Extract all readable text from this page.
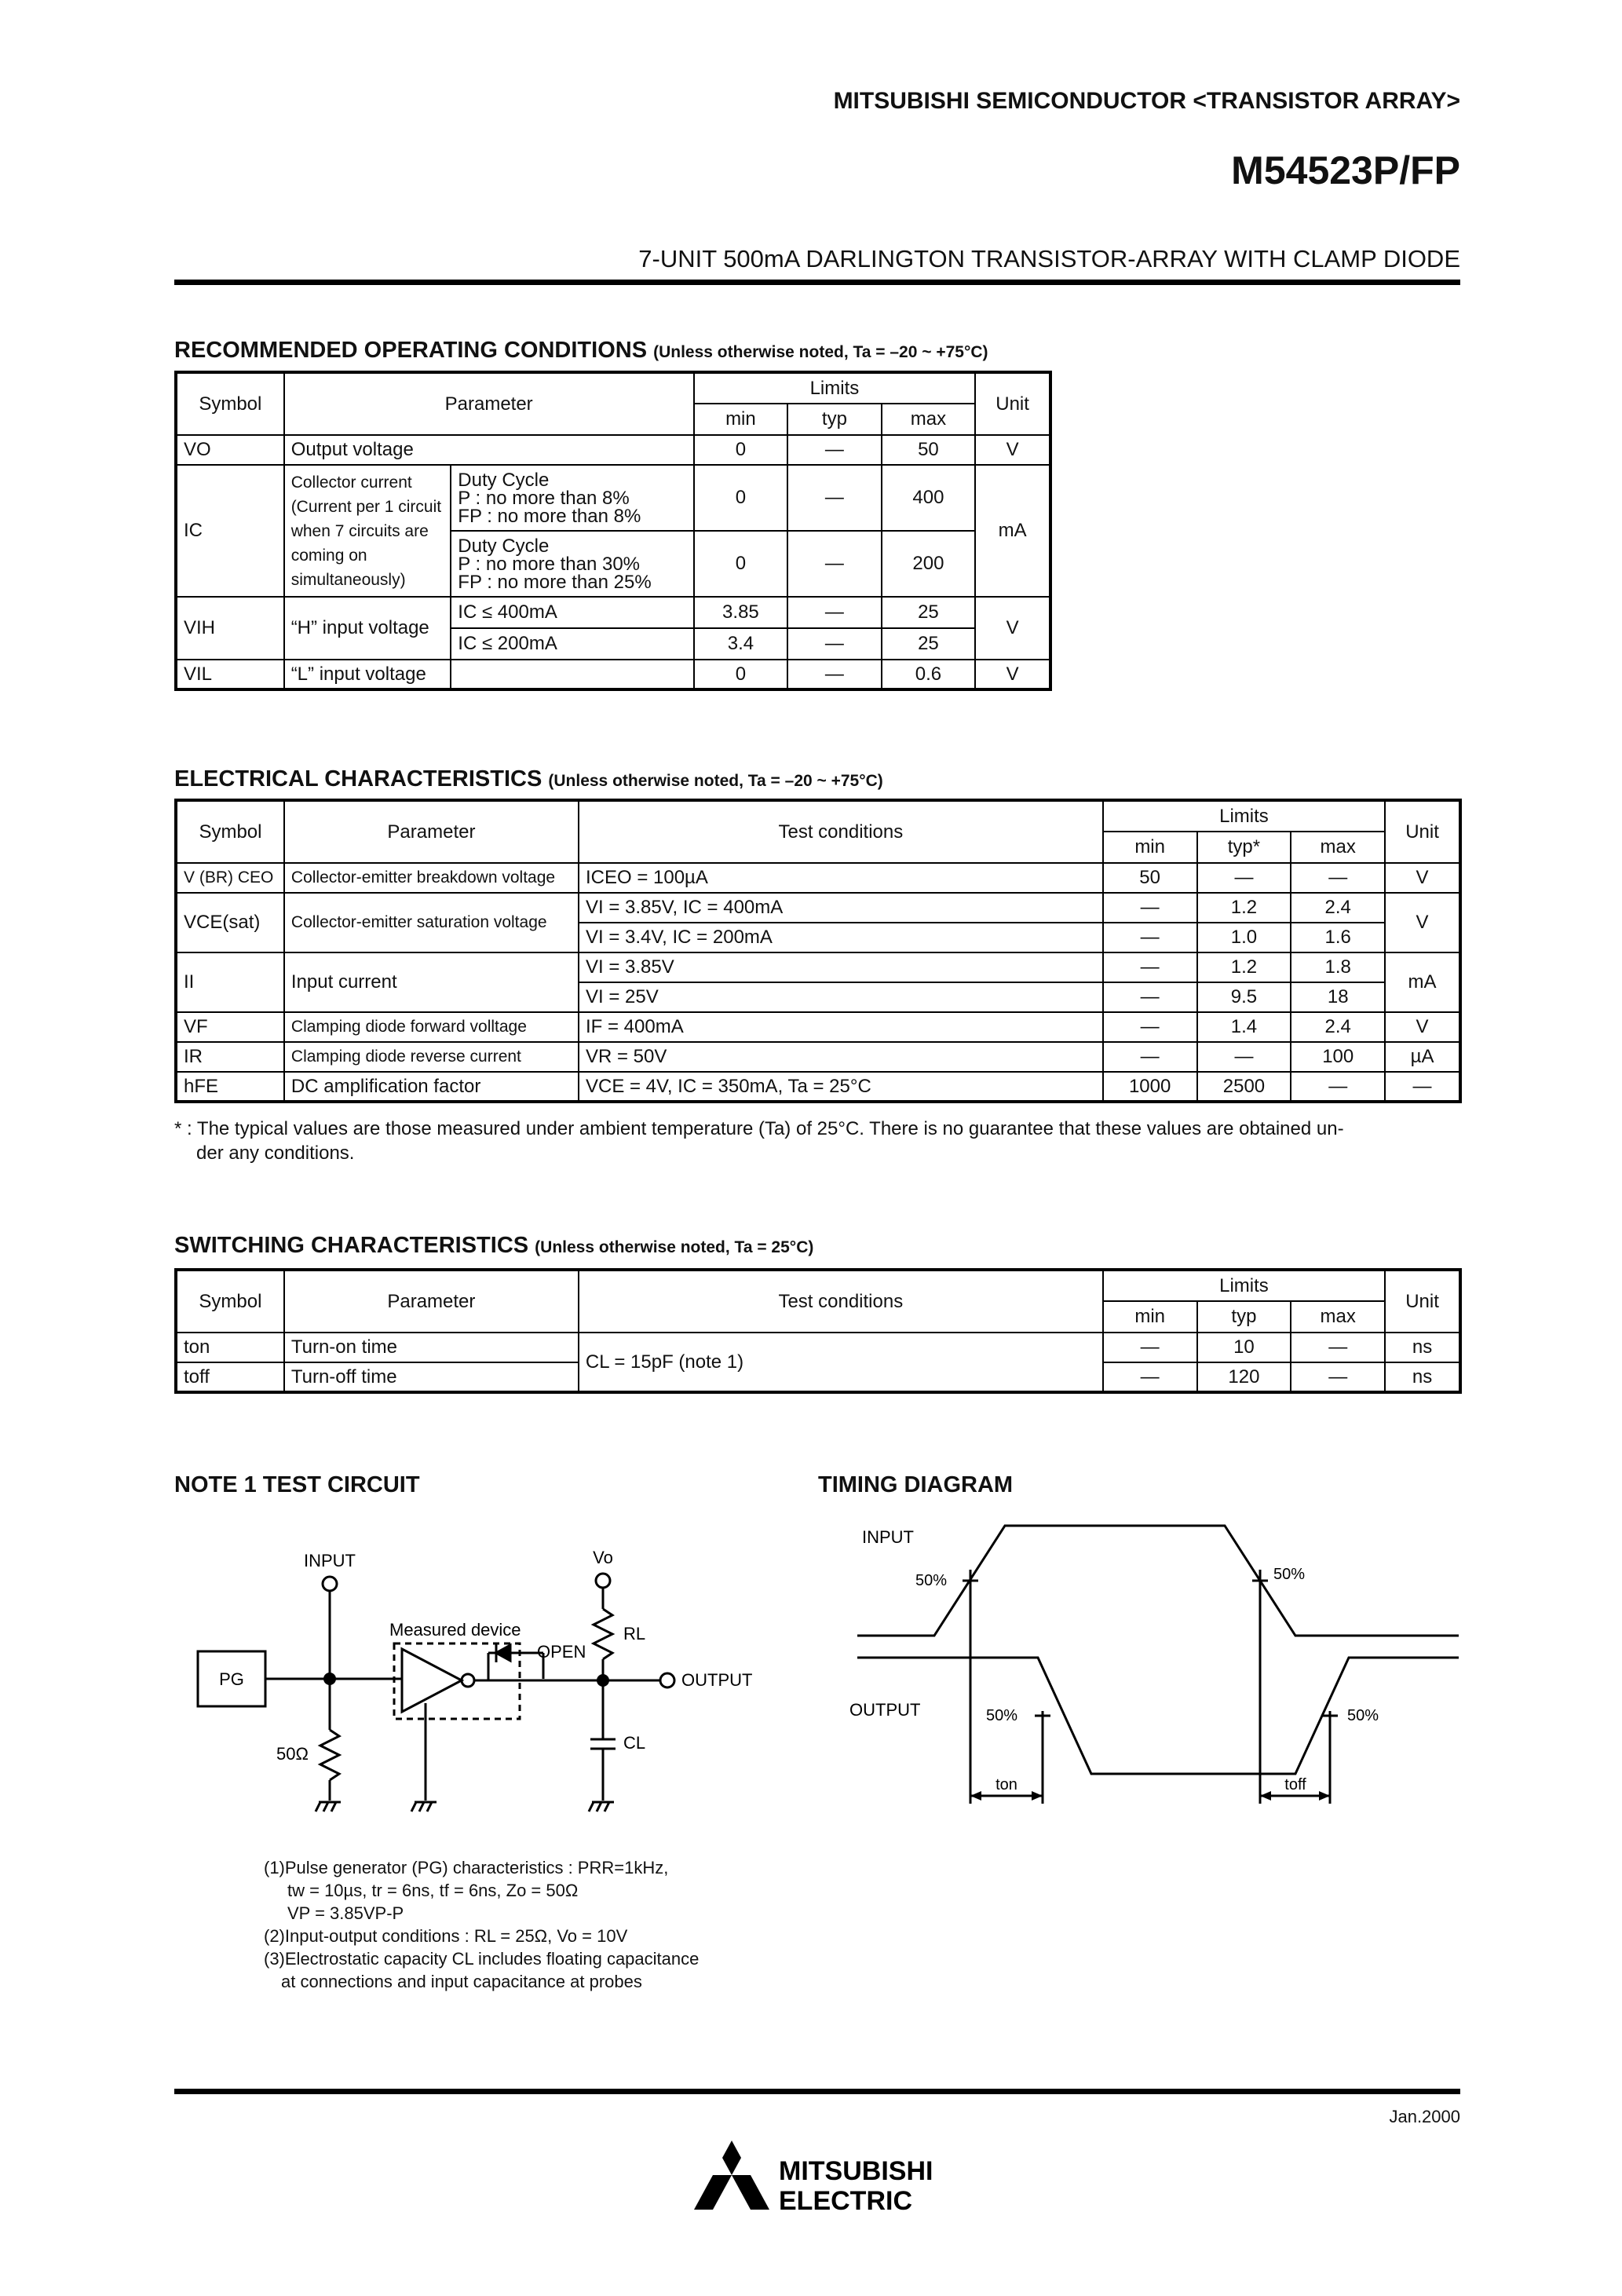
MITSUBISHI SEMICONDUCTOR <TRANSISTOR ARRAY>
M54523P/FP
7-UNIT 500mA DARLINGTON TRANSISTOR-ARRAY WITH CLAMP DIODE
RECOMMENDED OPERATING CONDITIONS (Unless otherwise noted, Ta = –20 ~ +75°C)
Symbol	Parameter		Limits			Unit
			min	typ	max	
VO	Output voltage		0	—	50	V
IC	Collector current (Current per 1 circuit when 7 circuits are coming on simultaneously)	Duty Cycle
P : no more than 8%
FP : no more than 8%	0	—	400	mA
		Duty Cycle
P : no more than 30%
FP : no more than 25%	0	—	200	
VIH	“H” input voltage	IC ≤ 400mA	3.85	—	25	V
		IC ≤ 200mA	3.4	—	25	
VIL	“L” input voltage		0	—	0.6	V
ELECTRICAL CHARACTERISTICS (Unless otherwise noted, Ta = –20 ~ +75°C)
Symbol	Parameter	Test conditions	Limits			Unit
			min	typ*	max	
V (BR) CEO	Collector-emitter breakdown voltage	ICEO = 100µA	50	—	—	V
VCE(sat)	Collector-emitter saturation voltage	VI = 3.85V, IC = 400mA	—	1.2	2.4	V
		VI = 3.4V, IC = 200mA	—	1.0	1.6	
II	Input current	VI = 3.85V	—	1.2	1.8	mA
		VI = 25V	—	9.5	18	
VF	Clamping diode forward volltage	IF = 400mA	—	1.4	2.4	V
IR	Clamping diode reverse current	VR = 50V	—	—	100	µA
hFE	DC amplification factor	VCE = 4V, IC = 350mA, Ta = 25°C	1000	2500	—	—
* : The typical values are those measured under ambient temperature (Ta) of 25°C. There is no guarantee that these values are obtained un-
der any conditions.
SWITCHING CHARACTERISTICS (Unless otherwise noted, Ta = 25°C)
Symbol	Parameter	Test conditions	Limits			Unit
			min	typ	max	
ton	Turn-on time	CL = 15pF (note 1)	—	10	—	ns
toff	Turn-off time		—	120	—	ns
NOTE 1 TEST CIRCUIT
INPUT	Vo
Measured device
OPEN
RL
OUTPUT
PG
50Ω
CL
TIMING DIAGRAM
INPUT
OUTPUT
50%	50%
50%	50%
ton	toff
(1)Pulse generator (PG) characteristics : PRR=1kHz,
tw = 10µs, tr = 6ns, tf = 6ns, Zo = 50Ω
VP = 3.85VP-P
(2)Input-output conditions : RL = 25Ω, Vo = 10V
(3)Electrostatic capacity CL includes floating capacitance
at connections and input capacitance at probes
Jan.2000
MITSUBISHI
ELECTRIC
